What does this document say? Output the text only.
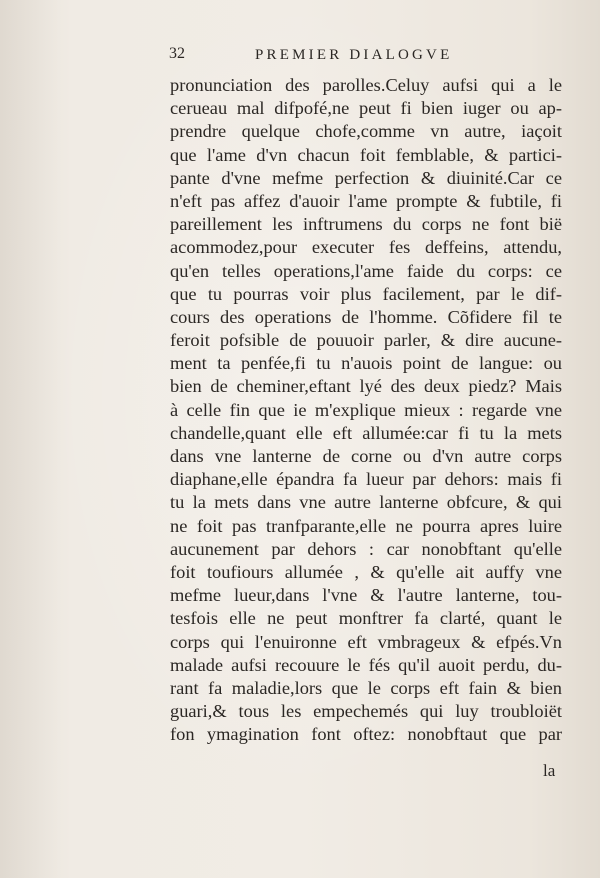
32	PREMIER DIALOGVE
pronunciation des parolles.Celuy aufsi qui a le
cerueau mal difpofé,ne peut fi bien iuger ou ap-
prendre quelque chofe,comme vn autre, iaçoit
que l'ame d'vn chacun foit femblable, & partici-
pante d'vne mefme perfection & diuinité.Car ce
n'eft pas affez d'auoir l'ame prompte & fubtile, fi
pareillement les inftrumens du corps ne font bië
acommodez,pour executer fes deffeins, attendu,
qu'en telles operations,l'ame faide du corps: ce
que tu pourras voir plus facilement, par le dif-
cours des operations de l'homme. Cõfidere fil te
feroit pofsible de pouuoir parler, & dire aucune-
ment ta penfée,fi tu n'auois point de langue: ou
bien de cheminer,eftant lyé des deux piedz? Mais
à celle fin que ie m'explique mieux : regarde vne
chandelle,quant elle eft allumée:car fi tu la mets
dans vne lanterne de corne ou d'vn autre corps
diaphane,elle épandra fa lueur par dehors: mais fi
tu la mets dans vne autre lanterne obfcure, & qui
ne foit pas tranfparante,elle ne pourra apres luire
aucunement par dehors : car nonobftant qu'elle
foit toufiours allumée , & qu'elle ait auffy vne
mefme lueur,dans l'vne & l'autre lanterne, tou-
tesfois elle ne peut monftrer fa clarté, quant le
corps qui l'enuironne eft vmbrageux & efpés.Vn
malade aufsi recouure le fés qu'il auoit perdu, du-
rant fa maladie,lors que le corps eft fain & bien
guari,& tous les empechemés qui luy troubloiët
fon ymagination font oftez: nonobftaut que par
la
